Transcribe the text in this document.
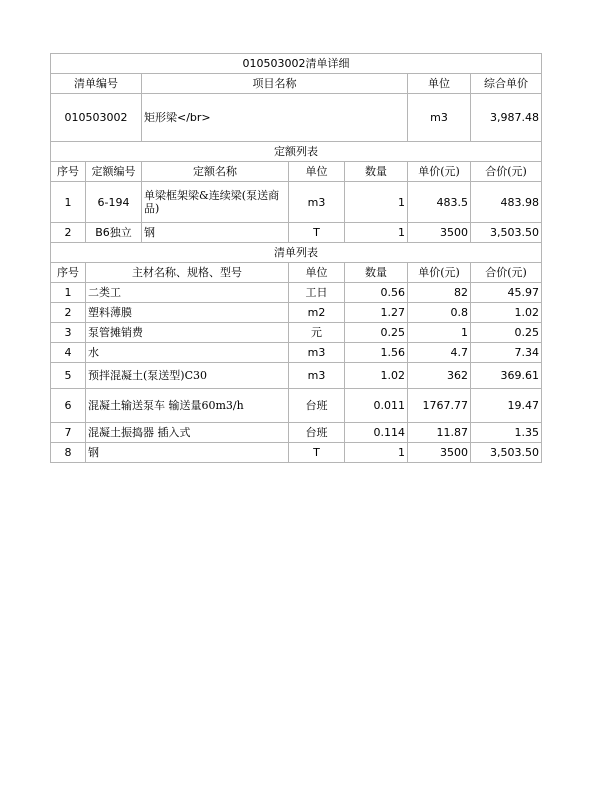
010503002清单详细						
清单编号		项目名称			单位	综合单价
010503002		矩形梁</br>			m3	3,987.48
定额列表						
序号	定额编号	定额名称	单位	数量	单价(元)	合价(元)
1	6-194	单梁框架梁&连续梁(泵送商品)	m3	1	483.5	483.98
2	B6独立	钢	T	1	3500	3,503.50
清单列表						
序号	主材名称、规格、型号		单位	数量	单价(元)	合价(元)
1	二类工		工日	0.56	82	45.97
2	塑料薄膜		m2	1.27	0.8	1.02
3	泵管摊销费		元	0.25	1	0.25
4	水		m3	1.56	4.7	7.34
5	预拌混凝土(泵送型)C30		m3	1.02	362	369.61
6	混凝土输送泵车 输送量60m3/h		台班	0.011	1767.77	19.47
7	混凝土振捣器 插入式		台班	0.114	11.87	1.35
8	钢		T	1	3500	3,503.50
